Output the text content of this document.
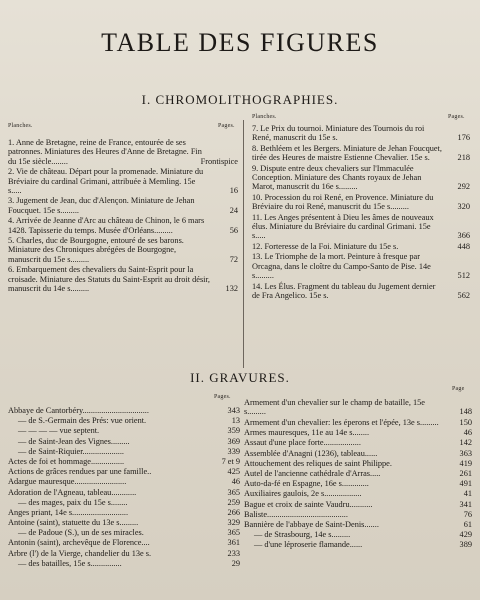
TABLE DES FIGURES
I. CHROMOLITHOGRAPHIES.
Planches.	Pages.
Planches.	Pages.
1. Anne de Bretagne, reine de France, entourée de ses patronnes. Miniatures des Heures d'Anne de Bretagne. Fin du 15e siècle........	Frontispice
2. Vie de château. Départ pour la promenade. Miniature du Bréviaire du cardinal Grimani, attribuée à Memling. 15e s.....	16
3. Jugement de Jean, duc d'Alençon. Miniature de Jehan Foucquet. 15e s.........	24
4. Arrivée de Jeanne d'Arc au château de Chinon, le 6 mars 1428. Tapisserie du temps. Musée d'Orléans.........	56
5. Charles, duc de Bourgogne, entouré de ses barons. Miniature des Chroniques abrégées de Bourgogne, manuscrit du 15e s.........	72
6. Embarquement des chevaliers du Saint-Esprit pour la croisade. Miniature des Statuts du Saint-Esprit au droit désir, manuscrit du 14e s.........	132
7. Le Prix du tournoi. Miniature des Tournois du roi René, manuscrit du 15e s.	176
8. Bethléem et les Bergers. Miniature de Jehan Foucquet, tirée des Heures de maistre Estienne Chevalier. 15e s.	218
9. Dispute entre deux chevaliers sur l'Immaculée Conception. Miniature des Chants royaux de Jehan Marot, manuscrit du 16e s.........	292
10. Procession du roi René, en Provence. Miniature du Bréviaire du roi René, manuscrit du 15e s.........	320
11. Les Anges présentent à Dieu les âmes de nouveaux élus. Miniature du Bréviaire du cardinal Grimani. 15e s.....	366
12. Forteresse de la Foi. Miniature du 15e s.	448
13. Le Triomphe de la mort. Peinture à fresque par Orcagna, dans le cloître du Campo-Santo de Pise. 14e s.........	512
14. Les Élus. Fragment du tableau du Jugement dernier de Fra Angelico. 15e s.	562
II. GRAVURES.
Pages.
Page
Abbaye de Cantorbéry................................	343
— de S.-Germain des Prés: vue orient.	13
— — — — vue septent.	359
— de Saint-Jean des Vignes.........	369
— de Saint-Riquier....................	339
Actes de foi et hommage................	7 et 9
Actions de grâces rendues par une famille..	425
Adargue mauresque.........................	46
Adoration de l'Agneau, tableau............	365
— des mages, paix du 15e s........	259
Anges priant, 14e s...........................	266
Antoine (saint), statuette du 13e s.........	329
— de Padoue (S.), un de ses miracles.	365
Antonin (saint), archevêque de Florence....	361
Arbre (l') de la Vierge, chandelier du 13e s.	233
— des batailles, 15e s...............	29
Armement d'un chevalier sur le champ de bataille, 15e s.........	148
Armement d'un chevalier: les éperons et l'épée, 13e s.........	150
Armes mauresques, 11e au 14e s........	46
Assaut d'une place forte..................	142
Assemblée d'Anagni (1236), tableau......	363
Attouchement des reliques de saint Philippe.	419
Autel de l'ancienne cathédrale d'Arras.....	261
Auto-da-fé en Espagne, 16e s.............	491
Auxiliaires gaulois, 2e s..................	41
Bague et croix de sainte Vaudru...........	341
Baliste.......................................	76
Bannière de l'abbaye de Saint-Denis.......	61
— de Strasbourg, 14e s.........	429
— d'une léproserie flamande......	389
